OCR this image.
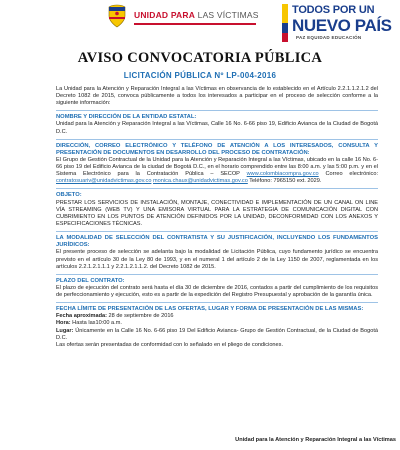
UNIDAD PARA LAS VÍCTIMAS	TODOS POR UN
NUEVO PAÍS
PAZ EQUIDAD EDUCACIÓN
AVISO CONVOCATORIA PÚBLICA
LICITACIÓN PÚBLICA Nº LP-004-2016

La Unidad para la Atención y Reparación Integral a las Víctimas en observancia de lo establecido en el Artículo 2.2.1.1.2.1.2 del Decreto 1082 de 2015, convoca públicamente a todos los interesados a participar en el proceso de selección conforme a la siguiente información:

NOMBRE Y DIRECCIÓN DE LA ENTIDAD ESTATAL:

Unidad para la Atención y Reparación Integral a las Víctimas, Calle 16 No. 6-66 piso 19, Edificio Avianca de la Ciudad de Bogotá D.C.

DIRECCIÓN, CORREO ELECTRÓNICO Y TELÉFONO DE ATENCIÓN A LOS INTERESADOS, CONSULTA Y PRESENTACIÓN DE DOCUMENTOS EN DESARROLLO DEL PROCESO DE CONTRATACIÓN:

El Grupo de Gestión Contractual de la Unidad para la Atención y Reparación Integral a las Víctimas, ubicado en la calle 16 No. 6-66 piso 19 del Edificio Avianca de la ciudad de Bogotá D.C., en el horario comprendido entre las 8:00 a.m. y las 5:00 p.m. y en el Sistema Electrónico para la Contratación Pública – SECOP www.colombiacompra.gov.co Correo electrónico: contratosuariv@unidadvictimas.gov.co monica.chaux@unidadvictimas.gov.co Teléfono: 7965150 ext. 2029.

OBJETO:

PRESTAR LOS SERVICIOS DE INSTALACIÓN, MONTAJE, CONECTIVIDAD E IMPLEMENTACIÓN DE UN CANAL ON LINE VÍA STREAMING (WEB TV) Y UNA EMISORA VIRTUAL PARA LA ESTRATEGIA DE COMUNICACIÓN DIGITAL CON CUBRIMIENTO EN LOS PUNTOS DE ATENCIÓN DEFINIDOS POR LA UNIDAD, DECONFORMIDAD CON LOS ANEXOS Y ESPECIFICACIONES TÉCNICAS.

LA MODALIDAD DE SELECCIÓN DEL CONTRATISTA Y SU JUSTIFICACIÓN, INCLUYENDO LOS FUNDAMENTOS JURÍDICOS:

El presente proceso de selección se adelanta bajo la modalidad de Licitación Pública, cuyo fundamento jurídico se encuentra previsto en el artículo 30 de la Ley 80 de 1993, y en el numeral 1 del artículo 2 de la Ley 1150 de 2007, reglamentada en los artículos 2.2.1.2.1.1.1 y 2.2.1.2.1.1.2. del Decreto 1082 de 2015.

PLAZO DEL CONTRATO:

El plazo de ejecución del contrato será hasta el día 30 de diciembre de 2016, contados a partir del cumplimiento de los requisitos de perfeccionamiento y ejecución, esto es a partir de la expedición del Registro Presupuestal y aprobación de la garantía única.

FECHA LÍMITE DE PRESENTACIÓN DE LAS OFERTAS, LUGAR Y FORMA DE PRESENTACIÓN DE LAS MISMAS:

Fecha aproximada: 28 de septiembre de 2016

Hora: Hasta las10:00 a.m.

Lugar: Únicamente en la Calle 16 No. 6-66 piso 19 Del Edificio Avianca- Grupo de Gestión Contractual, de la Ciudad de Bogotá D.C.

Las ofertas serán presentadas de conformidad con lo señalado en el pliego de condiciones.

Unidad para la Atención y Reparación Integral a las Víctimas
